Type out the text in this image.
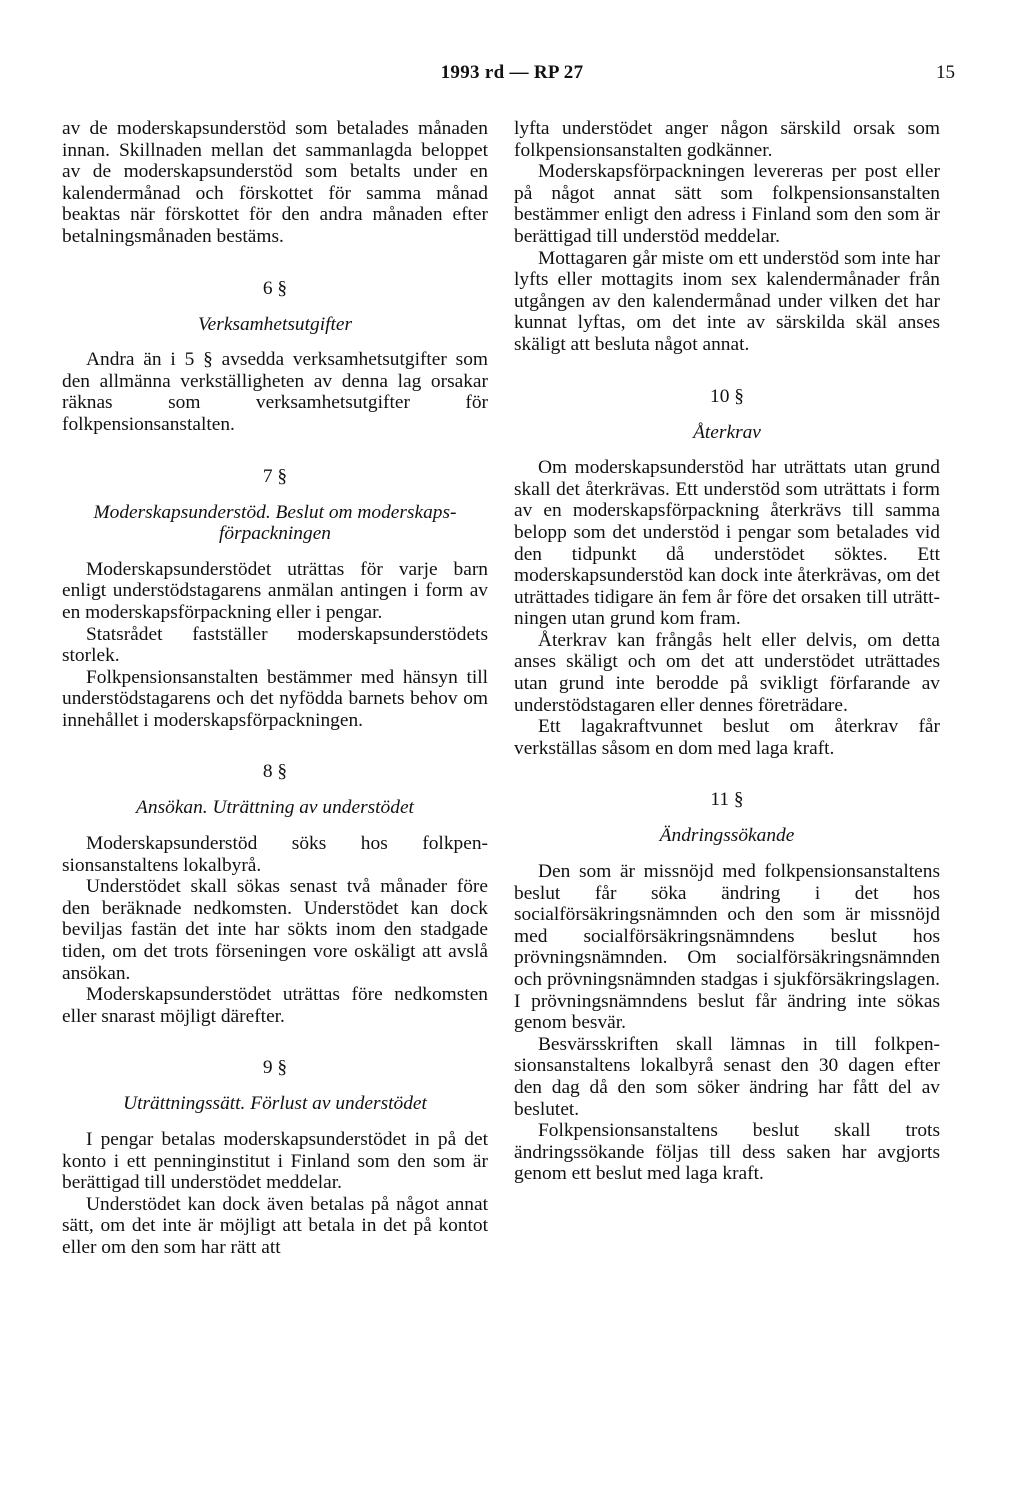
1993 rd — RP 27	15

av de moderskapsunderstöd som betalades månaden innan. Skillnaden mellan det sammanlagda beloppet av de moderskapsunderstöd som betalts under en kalendermånad och förskottet för samma månad beaktas när förskottet för den andra månaden efter betalningsmånaden bestäms.

6 §
Verksamhetsutgifter

Andra än i 5 § avsedda verksamhetsutgifter som den allmänna verkställigheten av denna lag orsakar räknas som verksamhetsutgifter för folkpensionsanstalten.

7 §
Moderskapsunderstöd. Beslut om moderskapsförpackningen

Moderskapsunderstödet uträttas för varje barn enligt understödstagarens anmälan antingen i form av en moderskapsförpackning eller i pengar.

Statsrådet fastställer moderskapsunderstödets storlek.

Folkpensionsanstalten bestämmer med hänsyn till understödstagarens och det nyfödda barnets behov om innehållet i moderskapsförpackningen.

8 §
Ansökan. Uträttning av understödet

Moderskapsunderstöd söks hos folkpensionsanstaltens lokalbyrå.

Understödet skall sökas senast två månader före den beräknade nedkomsten. Understödet kan dock beviljas fastän det inte har sökts inom den stadgade tiden, om det trots förseningen vore oskäligt att avslå ansökan.

Moderskapsunderstödet uträttas före nedkomsten eller snarast möjligt därefter.

9 §
Uträttningssätt. Förlust av understödet

I pengar betalas moderskapsunderstödet in på det konto i ett penninginstitut i Finland som den som är berättigad till understödet meddelar.

Understödet kan dock även betalas på något annat sätt, om det inte är möjligt att betala in det på kontot eller om den som har rätt att

lyfta understödet anger någon särskild orsak som folkpensionsanstalten godkänner.

Moderskapsförpackningen levereras per post eller på något annat sätt som folkpensionsanstalten bestämmer enligt den adress i Finland som den som är berättigad till understöd meddelar.

Mottagaren går miste om ett understöd som inte har lyfts eller mottagits inom sex kalendermånader från utgången av den kalendermånad under vilken det har kunnat lyftas, om det inte av särskilda skäl anses skäligt att besluta något annat.

10 §
Återkrav

Om moderskapsunderstöd har uträttats utan grund skall det återkrävas. Ett understöd som uträttats i form av en moderskapsförpackning återkrävs till samma belopp som det understöd i pengar som betalades vid den tidpunkt då understödet söktes. Ett moderskapsunderstöd kan dock inte återkrävas, om det uträttades tidigare än fem år före det orsaken till uträttningen utan grund kom fram.

Återkrav kan frångås helt eller delvis, om detta anses skäligt och om det att understödet uträttades utan grund inte berodde på svikligt förfarande av understödstagaren eller dennes företrädare.

Ett lagakraftvunnet beslut om återkrav får verkställas såsom en dom med laga kraft.

11 §
Ändringssökande

Den som är missnöjd med folkpensionsanstaltens beslut får söka ändring i det hos socialförsäkringsnämnden och den som är missnöjd med socialförsäkringsnämndens beslut hos prövningsnämnden. Om socialförsäkringsnämnden och prövningsnämnden stadgas i sjukförsäkringslagen. I prövningsnämndens beslut får ändring inte sökas genom besvär.

Besvärsskriften skall lämnas in till folkpensionsanstaltens lokalbyrå senast den 30 dagen efter den dag då den som söker ändring har fått del av beslutet.

Folkpensionsanstaltens beslut skall trots ändringssökande följas till dess saken har avgjorts genom ett beslut med laga kraft.
